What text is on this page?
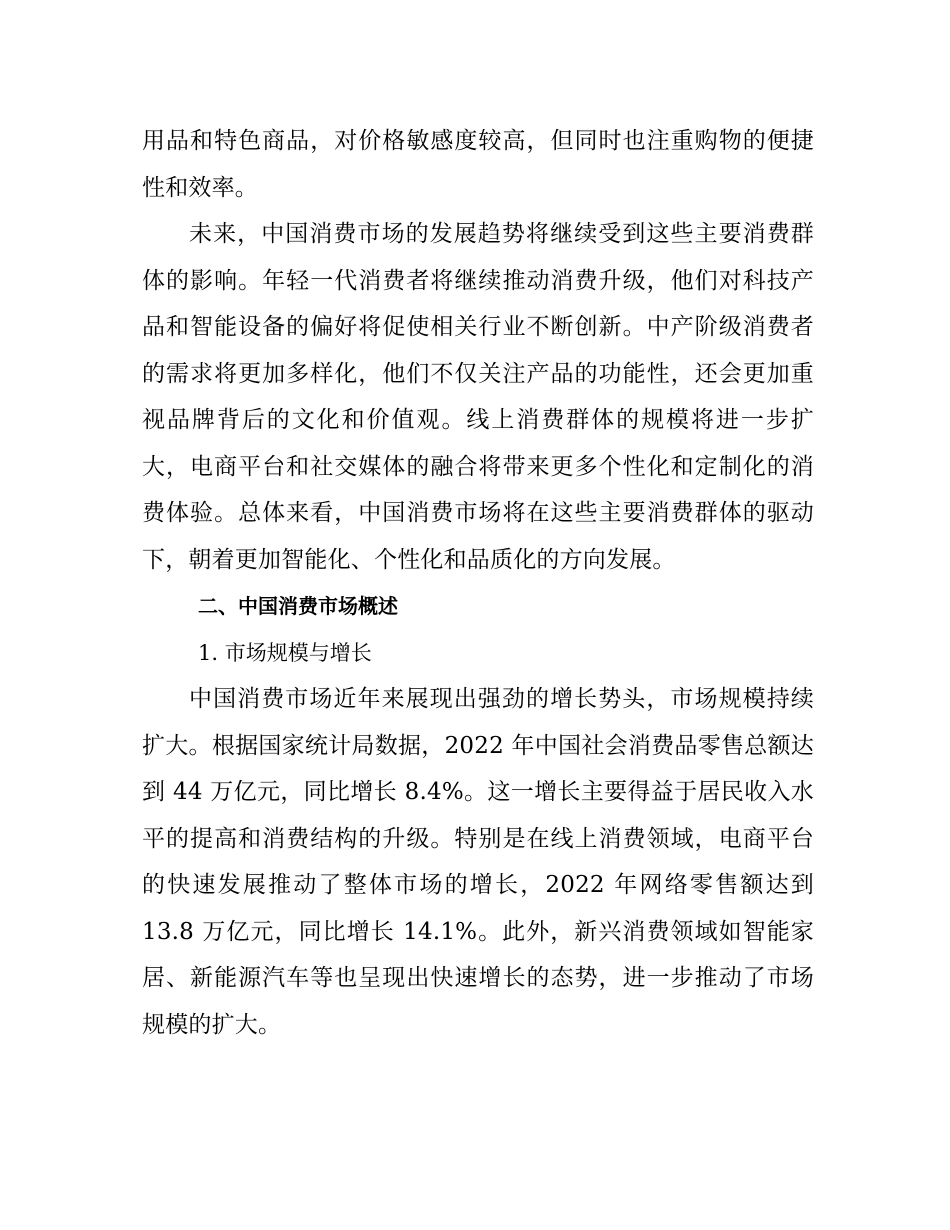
用品和特色商品，对价格敏感度较高，但同时也注重购物的便捷性和效率。

未来，中国消费市场的发展趋势将继续受到这些主要消费群体的影响。年轻一代消费者将继续推动消费升级，他们对科技产品和智能设备的偏好将促使相关行业不断创新。中产阶级消费者的需求将更加多样化，他们不仅关注产品的功能性，还会更加重视品牌背后的文化和价值观。线上消费群体的规模将进一步扩大，电商平台和社交媒体的融合将带来更多个性化和定制化的消费体验。总体来看，中国消费市场将在这些主要消费群体的驱动下，朝着更加智能化、个性化和品质化的方向发展。

二、中国消费市场概述

1. 市场规模与增长

中国消费市场近年来展现出强劲的增长势头，市场规模持续扩大。根据国家统计局数据，2022 年中国社会消费品零售总额达到 44 万亿元，同比增长 8.4%。这一增长主要得益于居民收入水平的提高和消费结构的升级。特别是在线上消费领域，电商平台的快速发展推动了整体市场的增长，2022 年网络零售额达到 13.8 万亿元，同比增长 14.1%。此外，新兴消费领域如智能家居、新能源汽车等也呈现出快速增长的态势，进一步推动了市场规模的扩大。
